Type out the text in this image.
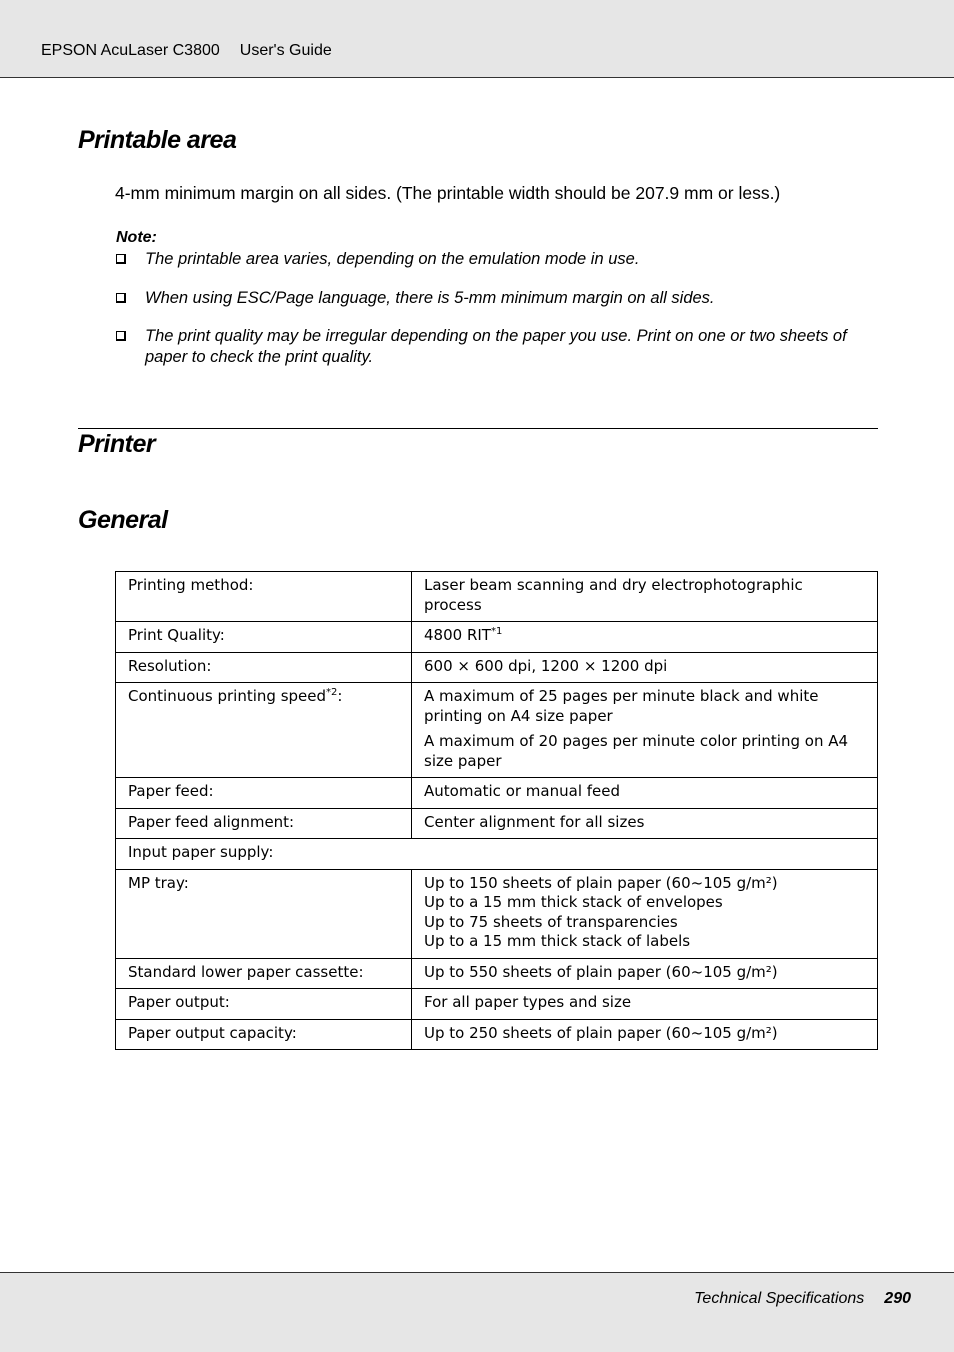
EPSON AcuLaser C3800 User's Guide
Printable area
4-mm minimum margin on all sides. (The printable width should be 207.9 mm or less.)
Note:
The printable area varies, depending on the emulation mode in use.
When using ESC/Page language, there is 5-mm minimum margin on all sides.
The print quality may be irregular depending on the paper you use. Print on one or two sheets of paper to check the print quality.
Printer
General
Printing method:	Laser beam scanning and dry electrophotographic process

Print Quality:	4800 RIT$^{*1}$
Resolution:	600 × 600 dpi, 1200 × 1200 dpi

Continuous printing speed$^{*2}$:	A maximum of 25 pages per minute black and white printing on A4 size paper

A maximum of 20 pages per minute color printing on A4 size paper

Paper feed:	Automatic or manual feed

Paper feed alignment:	Center alignment for all sizes

Input paper supply:	
MP tray:	Up to 150 sheets of plain paper (60~105 g/m²)
Up to a 15 mm thick stack of envelopes
Up to 75 sheets of transparencies
Up to a 15 mm thick stack of labels

Standard lower paper cassette:	Up to 550 sheets of plain paper (60~105 g/m²)

Paper output:	For all paper types and size

Paper output capacity:	Up to 250 sheets of plain paper (60~105 g/m²)

Technical Specifications 290
